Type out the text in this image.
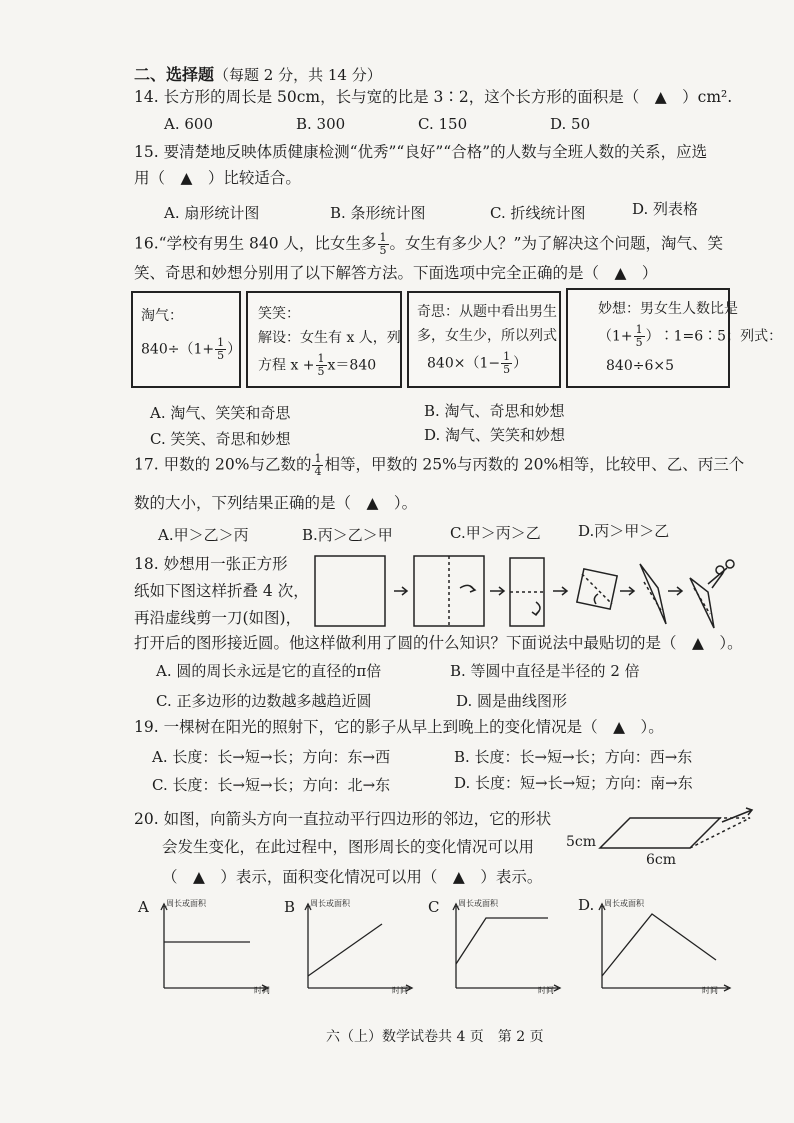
二、选择题（每题 2 分，共 14 分）
14. 长方形的周长是 50cm，长与宽的比是 3∶2，这个长方形的面积是（　▲　）cm².
A. 600	B. 300	C. 150	D. 50
15. 要清楚地反映体质健康检测“优秀”“良好”“合格”的人数与全班人数的关系，应选
用（　▲　）比较适合。
A. 扇形统计图	B. 条形统计图	C. 折线统计图	D. 列表格
16.“学校有男生 840 人，比女生多 $\frac{1}{5}$ 。女生有多少人？”为了解决这个问题，淘气、笑
笑、奇思和妙想分别用了以下解答方法。下面选项中完全正确的是（　▲　）
淘气：
$840\div(1+ \frac{1}{5}$ ）
笑笑：
解设：女生有 x 人，列
方程 $x + \frac{1}{5} x=840$
奇思：从题中看出男生
多，女生少，所以列式
$840\times(1- \frac{1}{5}$ ）
妙想：男女生人数比是
（$1+ \frac{1}{5}$ ）∶1=6∶5；列式：
840÷6×5
A. 淘气、笑笑和奇思	B. 淘气、奇思和妙想
C. 笑笑、奇思和妙想	D. 淘气、笑笑和妙想
17. 甲数的 20%与乙数的 $\frac{1}{4}$ 相等，甲数的 25%与丙数的 20%相等，比较甲、乙、丙三个
数的大小，下列结果正确的是（　▲　）。
A.甲＞乙＞丙	B.丙＞乙＞甲	C.甲＞丙＞乙 D.丙＞甲＞乙
18. 妙想用一张正方形
纸如下图这样折叠 4 次，
再沿虚线剪一刀(如图)，
打开后的图形接近圆。他这样做利用了圆的什么知识？下面说法中最贴切的是（　▲　）。
A. 圆的周长永远是它的直径的π倍	B. 等圆中直径是半径的 2 倍
C. 正多边形的边数越多越趋近圆	D. 圆是曲线图形
19. 一棵树在阳光的照射下，它的影子从早上到晚上的变化情况是（　▲　）。
A. 长度：长→短→长；方向：东→西	B. 长度：长→短→长；方向：西→东
C. 长度：长→短→长；方向：北→东	D. 长度：短→长→短；方向：南→东
20. 如图，向箭头方向一直拉动平行四边形的邻边，它的形状
会发生变化，在此过程中，图形周长的变化情况可以用
（　▲　）表示，面积变化情况可以用（　▲　）表示。
5cm
6cm
A	B	C	D.
周长或面积
时间
周长或面积
时间
周长或面积
时间
周长或面积
时间
六（上）数学试卷共 4 页　第 2 页
